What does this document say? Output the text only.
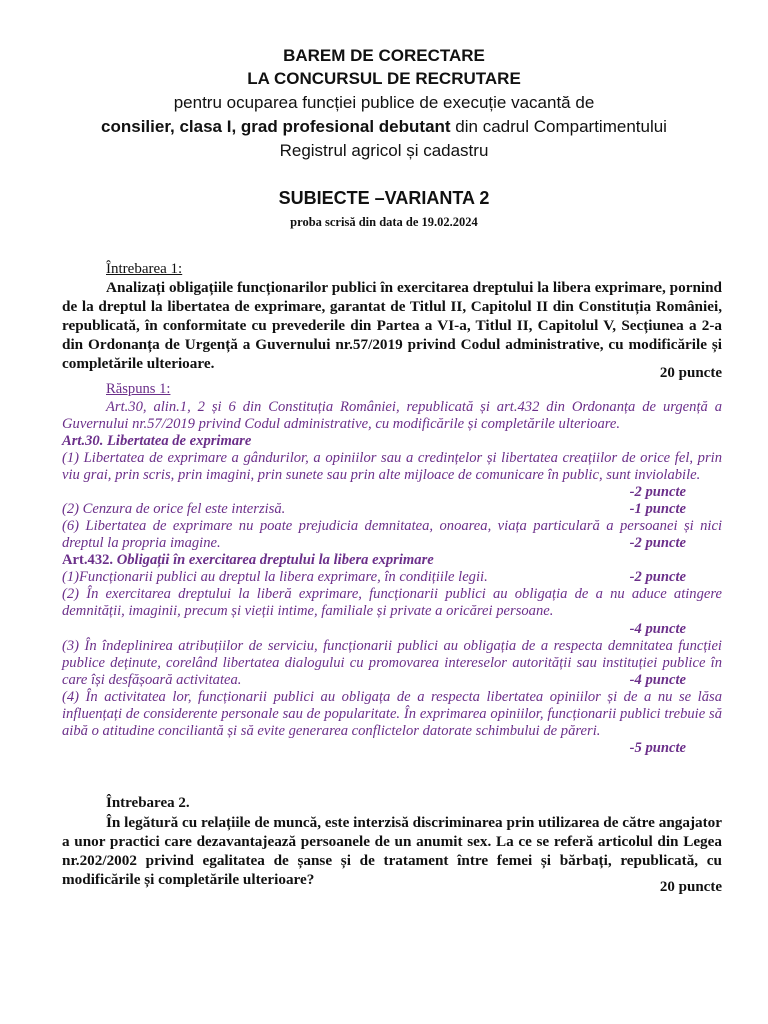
BAREM DE CORECTARE
LA CONCURSUL DE RECRUTARE
pentru ocuparea funcției publice de execuție vacantă de
consilier, clasa I, grad profesional debutant din cadrul Compartimentului
Registrul agricol și cadastru
SUBIECTE –VARIANTA 2
proba scrisă din data de 19.02.2024
Întrebarea 1:
Analizați obligațiile funcționarilor publici în exercitarea dreptului la libera exprimare, pornind de la dreptul la libertatea de exprimare, garantat de Titlul II, Capitolul II din Constituția României, republicată, în conformitate cu prevederile din Partea a VI-a, Titlul II, Capitolul V, Secțiunea a 2-a din Ordonanța de Urgență a Guvernului nr.57/2019 privind Codul administrative, cu modificările și completările ulterioare.
20 puncte
Răspuns 1:
Art.30, alin.1, 2 și 6 din Constituția României, republicată și art.432 din Ordonanța de urgență a Guvernului nr.57/2019 privind Codul administrative, cu modificările și completările ulterioare.
Art.30. Libertatea de exprimare
(1) Libertatea de exprimare a gândurilor, a opiniilor sau a credințelor și libertatea creațiilor de orice fel, prin viu grai, prin scris, prin imagini, prin sunete sau prin alte mijloace de comunicare în public, sunt inviolabile.
-2 puncte
(2) Cenzura de orice fel este interzisă.	-1 puncte
(6) Libertatea de exprimare nu poate prejudicia demnitatea, onoarea, viața particulară a persoanei și nici dreptul la propria imagine.	-2 puncte
Art.432. Obligații în exercitarea dreptului la libera exprimare
(1)Funcționarii publici au dreptul la libera exprimare, în condițiile legii.	-2 puncte
(2) În exercitarea dreptului la liberă exprimare, funcționarii publici au obligația de a nu aduce atingere demnității, imaginii, precum și vieții intime, familiale și private a oricărei persoane.
-4 puncte
(3) În îndeplinirea atribuțiilor de serviciu, funcționarii publici au obligația de a respecta demnitatea funcției publice deținute, corelând libertatea dialogului cu promovarea intereselor autorității sau instituției publice în care își desfășoară activitatea.	-4 puncte
(4) În activitatea lor, funcționarii publici au obligața de a respecta libertatea opiniilor și de a nu se lăsa influențați de considerente personale sau de popularitate. În exprimarea opiniilor, funcționarii publici trebuie să aibă o atitudine conciliantă și să evite generarea conflictelor datorate schimbului de păreri.
-5 puncte
Întrebarea 2.
În legătură cu relațiile de muncă, este interzisă discriminarea prin utilizarea de către angajator a unor practici care dezavantajează persoanele de un anumit sex. La ce se referă articolul din Legea nr.202/2002 privind egalitatea de șanse și de tratament între femei și bărbați, republicată, cu modificările și completările ulterioare?	20 puncte
